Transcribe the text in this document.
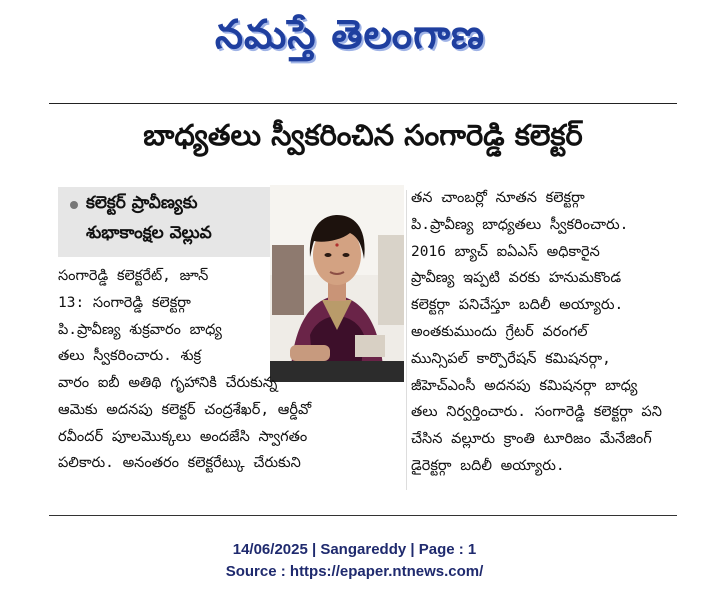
నమస్తే తెలంగాణ
బాధ్యతలు స్వీకరించిన సంగారెడ్డి కలెక్టర్
కలెక్టర్ ప్రావీణ్యకు
శుభాకాంక్షల వెల్లువ
సంగారెడ్డి కలెక్టరేట్, జూన్
13: సంగారెడ్డి కలెక్టర్గా
పి.ప్రావీణ్య శుక్రవారం బాధ్య
తలు స్వీకరించారు. శుక్ర
వారం ఐబీ అతిథి గృహానికి చేరుకున్న
ఆమెకు అదనపు కలెక్టర్ చంద్రశేఖర్, ఆర్డీవో
రవీందర్ పూలమొక్కలు అందజేసి స్వాగతం
పలికారు. అనంతరం కలెక్టరేట్కు చేరుకుని
తన చాంబర్లో నూతన కలెక్టర్గా
పి.ప్రావీణ్య బాధ్యతలు స్వీకరించారు.
2016 బ్యాచ్ ఐఏఎస్ అధికారైన
ప్రావీణ్య ఇప్పటి వరకు హనుమకొండ
కలెక్టర్గా పనిచేస్తూ బదిలీ అయ్యారు.
అంతకుముందు గ్రేటర్ వరంగల్
మున్సిపల్ కార్పొరేషన్ కమిషనర్గా,
జీహెచ్ఎంసీ అదనపు కమిషనర్గా బాధ్య
తలు నిర్వర్తించారు. సంగారెడ్డి కలెక్టర్గా పని
చేసిన వల్లూరు క్రాంతి టూరిజం మేనేజింగ్
డైరెక్టర్గా బదిలీ అయ్యారు.
14/06/2025 | Sangareddy | Page : 1
Source : https://epaper.ntnews.com/
